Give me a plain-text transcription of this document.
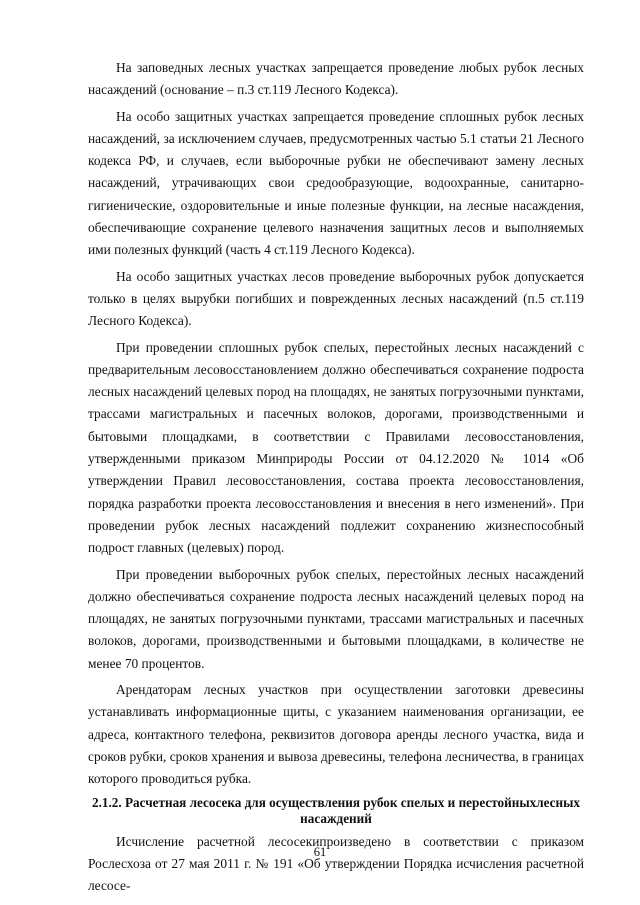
На заповедных лесных участках запрещается проведение любых рубок лесных насаждений (основание – п.3 ст.119 Лесного Кодекса).

На особо защитных участках запрещается проведение сплошных рубок лесных насаждений, за исключением случаев, предусмотренных частью 5.1 статьи 21 Лесного кодекса РФ, и случаев, если выборочные рубки не обеспечивают замену лесных насаждений, утрачивающих свои средообразующие, водоохранные, санитарно-гигиенические, оздоровительные и иные полезные функции, на лесные насаждения, обеспечивающие сохранение целевого назначения защитных лесов и выполняемых ими полезных функций (часть 4 ст.119 Лесного Кодекса).

На особо защитных участках лесов проведение выборочных рубок допускается только в целях вырубки погибших и поврежденных лесных насаждений (п.5 ст.119 Лесного Кодекса).

При проведении сплошных рубок спелых, перестойных лесных насаждений с предварительным лесовосстановлением должно обеспечиваться сохранение подроста лесных насаждений целевых пород на площадях, не занятых погрузочными пунктами, трассами магистральных и пасечных волоков, дорогами, производственными и бытовыми площадками, в соответствии с Правилами лесовосстановления, утвержденными приказом Минприроды России от 04.12.2020 № 1014 «Об утверждении Правил лесовосстановления, состава проекта лесовосстановления, порядка разработки проекта лесовосстановления и внесения в него изменений». При проведении рубок лесных насаждений подлежит сохранению жизнеспособный подрост главных (целевых) пород.

При проведении выборочных рубок спелых, перестойных лесных насаждений должно обеспечиваться сохранение подроста лесных насаждений целевых пород на площадях, не занятых погрузочными пунктами, трассами магистральных и пасечных волоков, дорогами, производственными и бытовыми площадками, в количестве не менее 70 процентов.

Арендаторам лесных участков при осуществлении заготовки древесины устанавливать информационные щиты, с указанием наименования организации, ее адреса, контактного телефона, реквизитов договора аренды лесного участка, вида и сроков рубки, сроков хранения и вывоза древесины, телефона лесничества, в границах которого проводиться рубка.

2.1.2. Расчетная лесосека для осуществления рубок спелых и перестойныхлесных
насаждений

Исчисление расчетной лесосекипроизведено в соответствии с приказом Рослесхоза от 27 мая 2011 г. № 191 «Об утверждении Порядка исчисления расчетной лесосе-

61
